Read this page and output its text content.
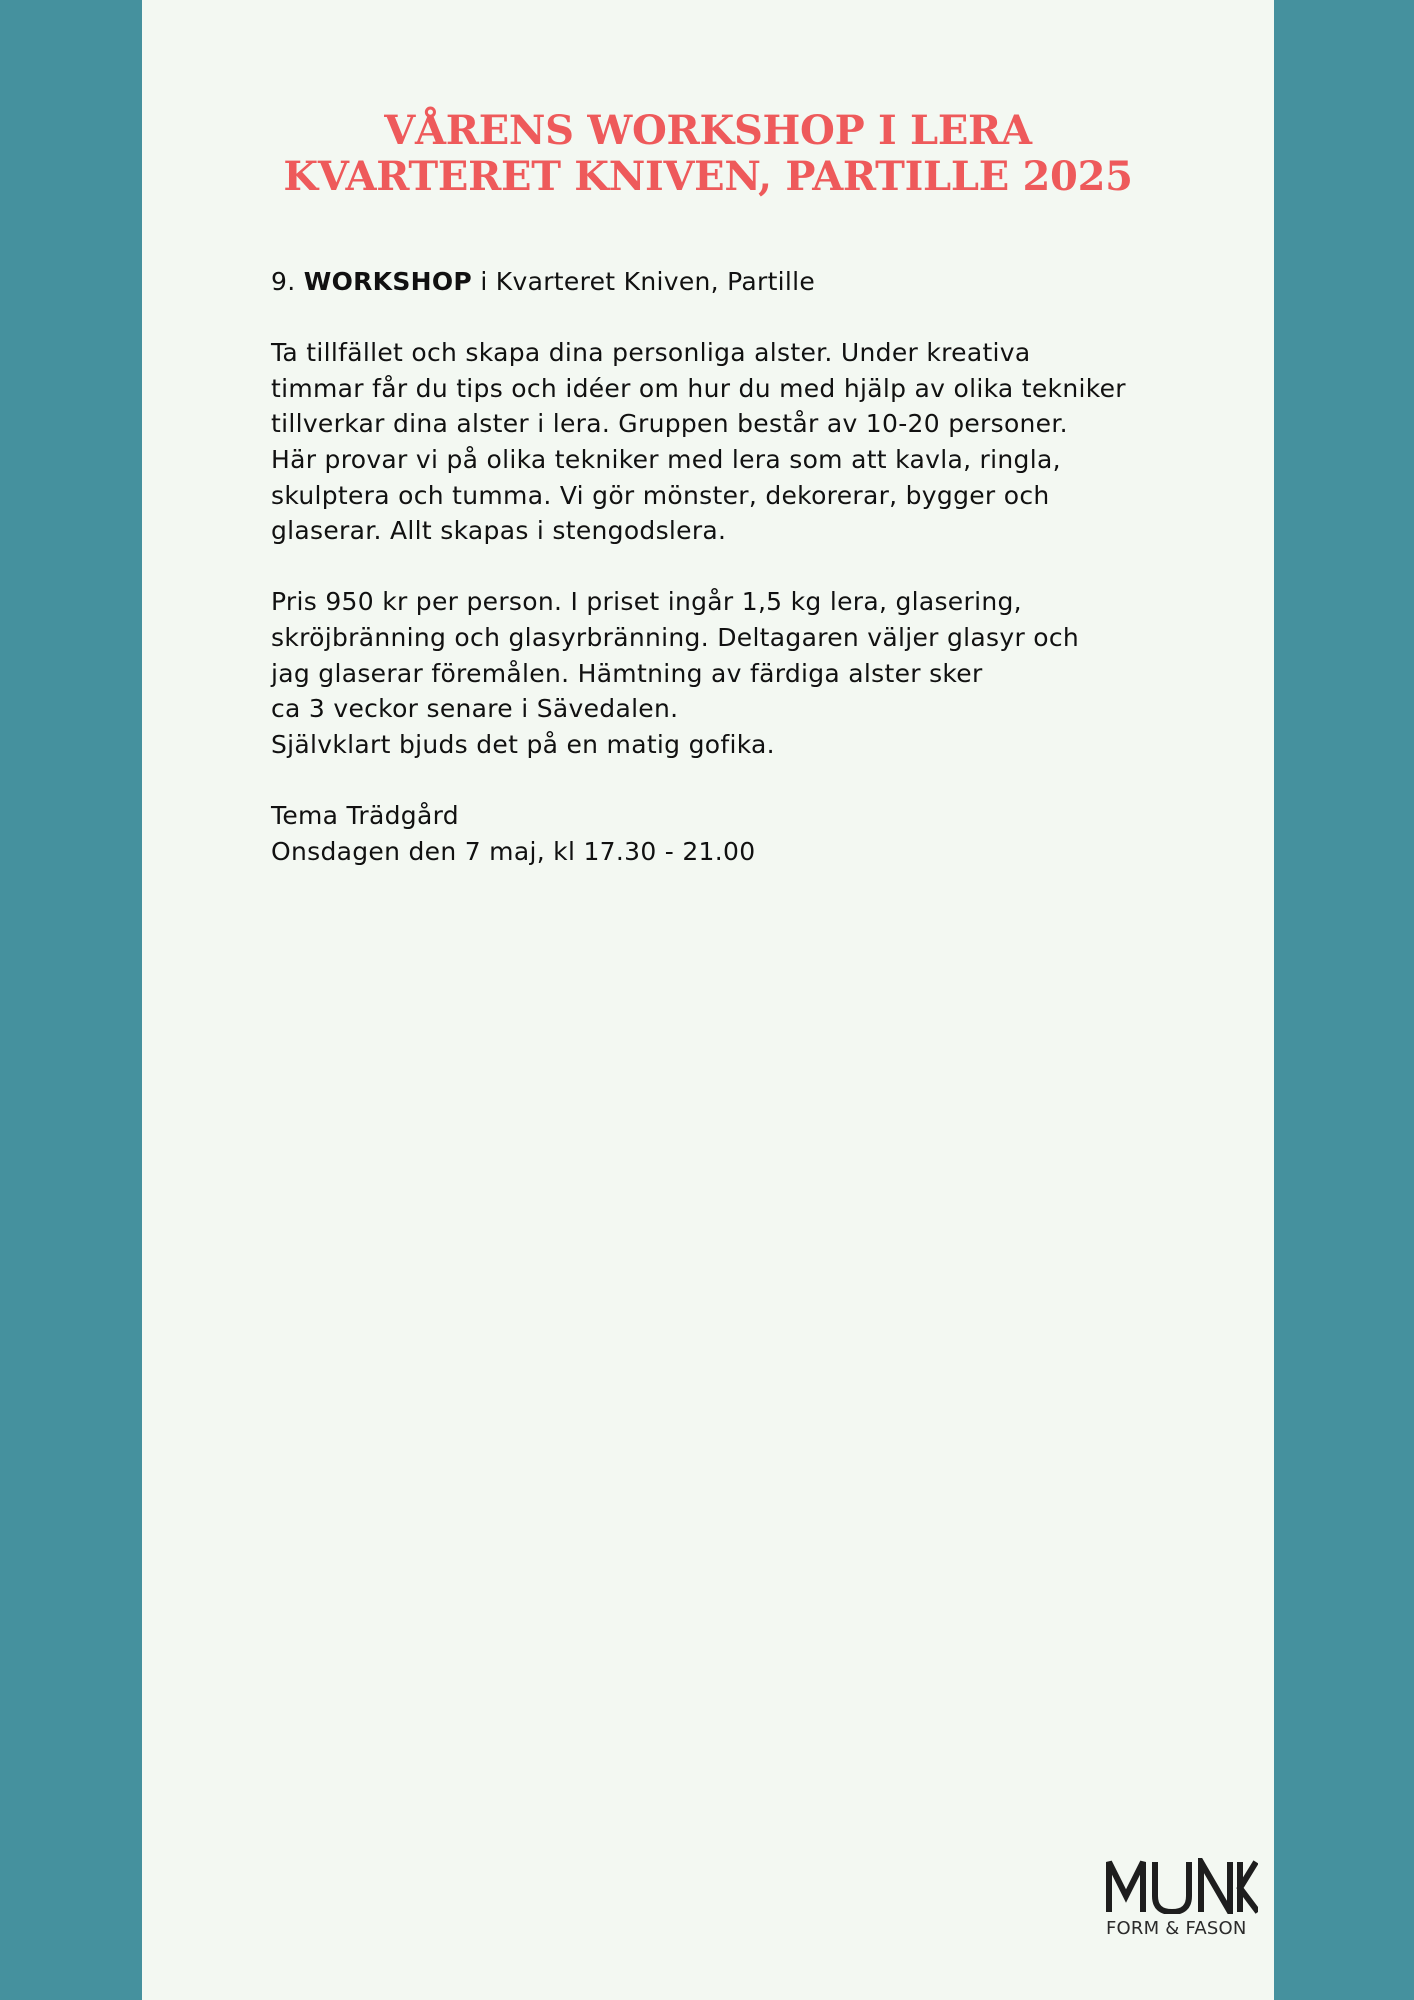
VÅRENS WORKSHOP I LERA
KVARTERET KNIVEN, PARTILLE 2025
9. WORKSHOP i Kvarteret Kniven, Partille
Ta tillfället och skapa dina personliga alster. Under kreativa
timmar får du tips och idéer om hur du med hjälp av olika tekniker
tillverkar dina alster i lera. Gruppen består av 10-20 personer.
Här provar vi på olika tekniker med lera som att kavla, ringla,
skulptera och tumma. Vi gör mönster, dekorerar, bygger och
glaserar. Allt skapas i stengodslera.
Pris 950 kr per person. I priset ingår 1,5 kg lera, glasering,
skröjbränning och glasyrbränning. Deltagaren väljer glasyr och
jag glaserar föremålen. Hämtning av färdiga alster sker
ca 3 veckor senare i Sävedalen.
Självklart bjuds det på en matig gofika.
Tema Trädgård
Onsdagen den 7 maj, kl 17.30 - 21.00
FORM & FASON
